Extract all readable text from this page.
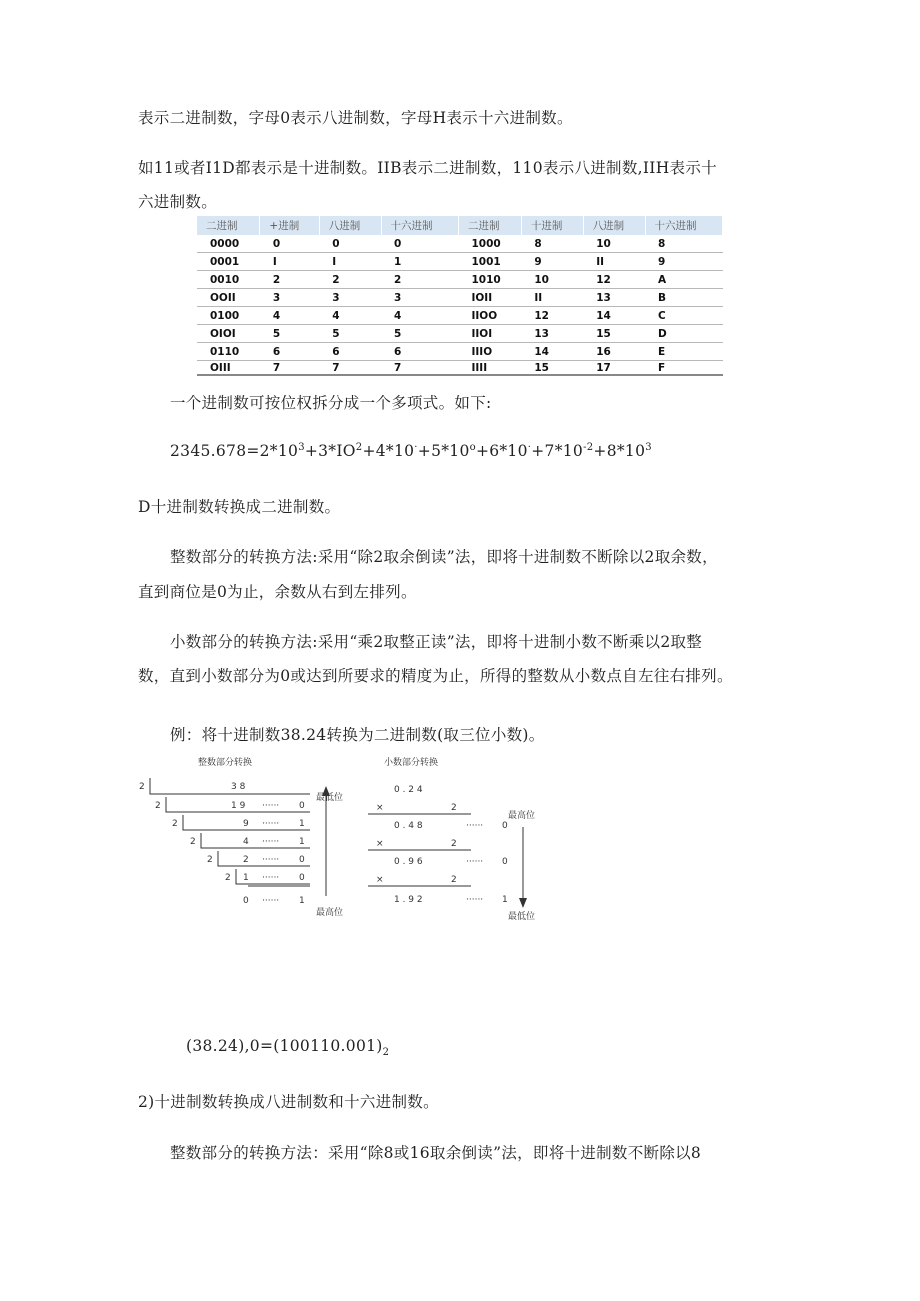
表示二进制数，字母0表示八进制数，字母H表示十六进制数。
如11或者I1D都表示是十进制数。IIB表示二进制数，110表示八进制数,IIH表示十
六进制数。
二进制	+进制	八进制	十六进制	二进制	十进制	八进制	十六进制
0000	0	0	0	1000	8	10	8
0001	I	I	1	1001	9	II	9
0010	2	2	2	1010	10	12	A
OOII	3	3	3	IOII	II	13	B
0100	4	4	4	IIOO	12	14	C
OIOI	5	5	5	IIOI	13	15	D
0110	6	6	6	IIIO	14	16	E
OIII	7	7	7	IIII	15	17	F
一个进制数可按位权拆分成一个多项式。如下:
$2345.678=2*10^3+3*IO^2+4*10^\cdot+5*10^o+6*10^\cdot+7*10^{-2}+8*10^3$
D十进制数转换成二进制数。
整数部分的转换方法:采用“除2取余倒读”法，即将十进制数不断除以2取余数，
直到商位是0为止，余数从右到左排列。
小数部分的转换方法:采用“乘2取整正读”法，即将十进制小数不断乘以2取整
数，直到小数部分为0或达到所要求的精度为止，所得的整数从小数点自左往右排列。
例：将十进制数38.24转换为二进制数(取三位小数)。
整数部分转换	小数部分转换
2
2
2
2
2
2
3 8
1 9
9
4
2
1
0
······
······
······
······
······
······
0
1
1
0
0
1
最低位
最高位
0 . 2 4
×	2
0 . 4 8	······ 0
×	2
0 . 9 6	······ 0
×	2
1 . 9 2	······ 1
最高位
最低位
$(38.24),0=(100110.001)_2$
2)十进制数转换成八进制数和十六进制数。
整数部分的转换方法：采用“除8或16取余倒读”法，即将十进制数不断除以8
